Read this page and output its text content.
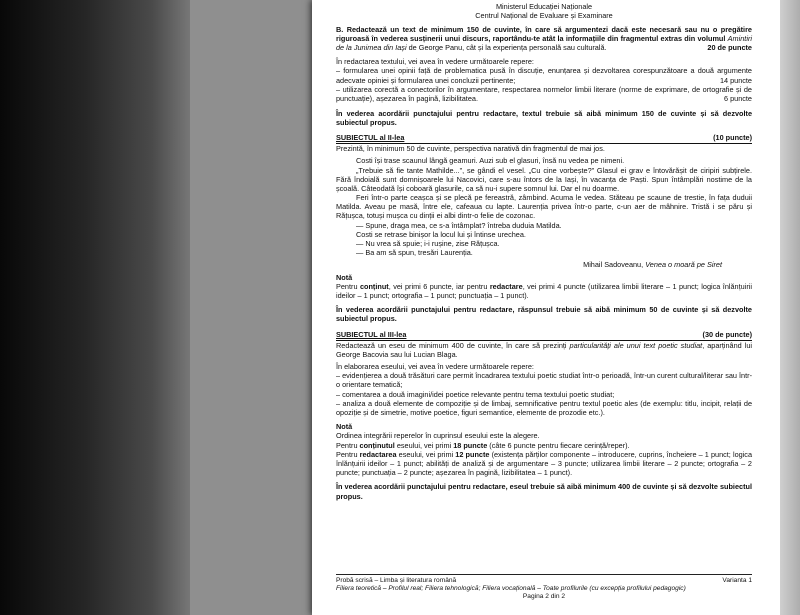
Ministerul Educației Naționale
Centrul Național de Evaluare și Examinare

B. Redactează un text de minimum 150 de cuvinte, în care să argumentezi dacă este necesară sau nu o pregătire riguroasă în vederea susținerii unui discurs, raportându-te atât la informațiile din fragmentul extras din volumul Amintiri de la Junimea din Iași de George Panu, cât și la experiența personală sau culturală.	20 de puncte

În redactarea textului, vei avea în vedere următoarele repere:

– formularea unei opinii față de problematica pusă în discuție, enunțarea și dezvoltarea corespunzătoare a două argumente adecvate opiniei și formularea unei concluzii pertinente;	14 puncte

– utilizarea corectă a conectorilor în argumentare, respectarea normelor limbii literare (norme de exprimare, de ortografie și de punctuație), așezarea în pagină, lizibilitatea.	6 puncte

În vederea acordării punctajului pentru redactare, textul trebuie să aibă minimum 150 de cuvinte și să dezvolte subiectul propus.

SUBIECTUL al II-lea	(10 puncte)

Prezintă, în minimum 50 de cuvinte, perspectiva narativă din fragmentul de mai jos.

Costi își trase scaunul lângă geamuri. Auzi sub el glasuri, însă nu vedea pe nimeni.

„Trebuie să fie tante Mathilde...”, se gândi el vesel. „Cu cine vorbește?” Glasul ei grav e întovărășit de ciripiri subțirele. Fără îndoială sunt domnișoarele lui Nacovici, care s-au întors de la Iași, în vacanța de Paști. Spun întâmplări nostime de la școală. Câteodată își coboară glasurile, ca să nu-i supere somnul lui. Dar el nu doarme.

Feri într-o parte ceașca și se plecă pe fereastră, zâmbind. Acuma le vedea. Stăteau pe scaune de trestie, în fața duduii Matilda. Aveau pe masă, între ele, cafeaua cu lapte. Laurenția privea într-o parte, c-un aer de mâhnire. Tristă i se păru și Rățușca, totuși mușca cu dinții ei albi dintr-o felie de cozonac.

— Spune, draga mea, ce s-a întâmplat? întreba duduia Matilda.

Costi se retrase binișor la locul lui și întinse urechea.

— Nu vrea să spuie; i-i rușine, zise Rățușca.

— Ba am să spun, tresări Laurenția.

Mihail Sadoveanu, Venea o moară pe Siret

Notă

Pentru conținut, vei primi 6 puncte, iar pentru redactare, vei primi 4 puncte (utilizarea limbii literare – 1 punct; logica înlănțuirii ideilor – 1 punct; ortografia – 1 punct; punctuația – 1 punct).

În vederea acordării punctajului pentru redactare, răspunsul trebuie să aibă minimum 50 de cuvinte și să dezvolte subiectul propus.

SUBIECTUL al III-lea	(30 de puncte)

Redactează un eseu de minimum 400 de cuvinte, în care să prezinți particularități ale unui text poetic studiat, aparținând lui George Bacovia sau lui Lucian Blaga.

În elaborarea eseului, vei avea în vedere următoarele repere:

– evidențierea a două trăsături care permit încadrarea textului poetic studiat într-o perioadă, într-un curent cultural/literar sau într-o orientare tematică;

– comentarea a două imagini/idei poetice relevante pentru tema textului poetic studiat;

– analiza a două elemente de compoziție și de limbaj, semnificative pentru textul poetic ales (de exemplu: titlu, incipit, relații de opoziție și de simetrie, motive poetice, figuri semantice, elemente de prozodie etc.).

Notă

Ordinea integrării reperelor în cuprinsul eseului este la alegere.

Pentru conținutul eseului, vei primi 18 puncte (câte 6 puncte pentru fiecare cerință/reper).

Pentru redactarea eseului, vei primi 12 puncte (existența părților componente – introducere, cuprins, încheiere – 1 punct; logica înlănțuirii ideilor – 1 punct; abilități de analiză și de argumentare – 3 puncte; utilizarea limbii literare – 2 puncte; ortografia – 2 puncte; punctuația – 2 puncte; așezarea în pagină, lizibilitatea – 1 punct).

În vederea acordării punctajului pentru redactare, eseul trebuie să aibă minimum 400 de cuvinte și să dezvolte subiectul propus.

Probă scrisă – Limba și literatura română	Varianta 1
Filiera teoretică – Profilul real; Filiera tehnologică; Filiera vocațională – Toate profilurile (cu excepția profilului pedagogic)
Pagina 2 din 2
